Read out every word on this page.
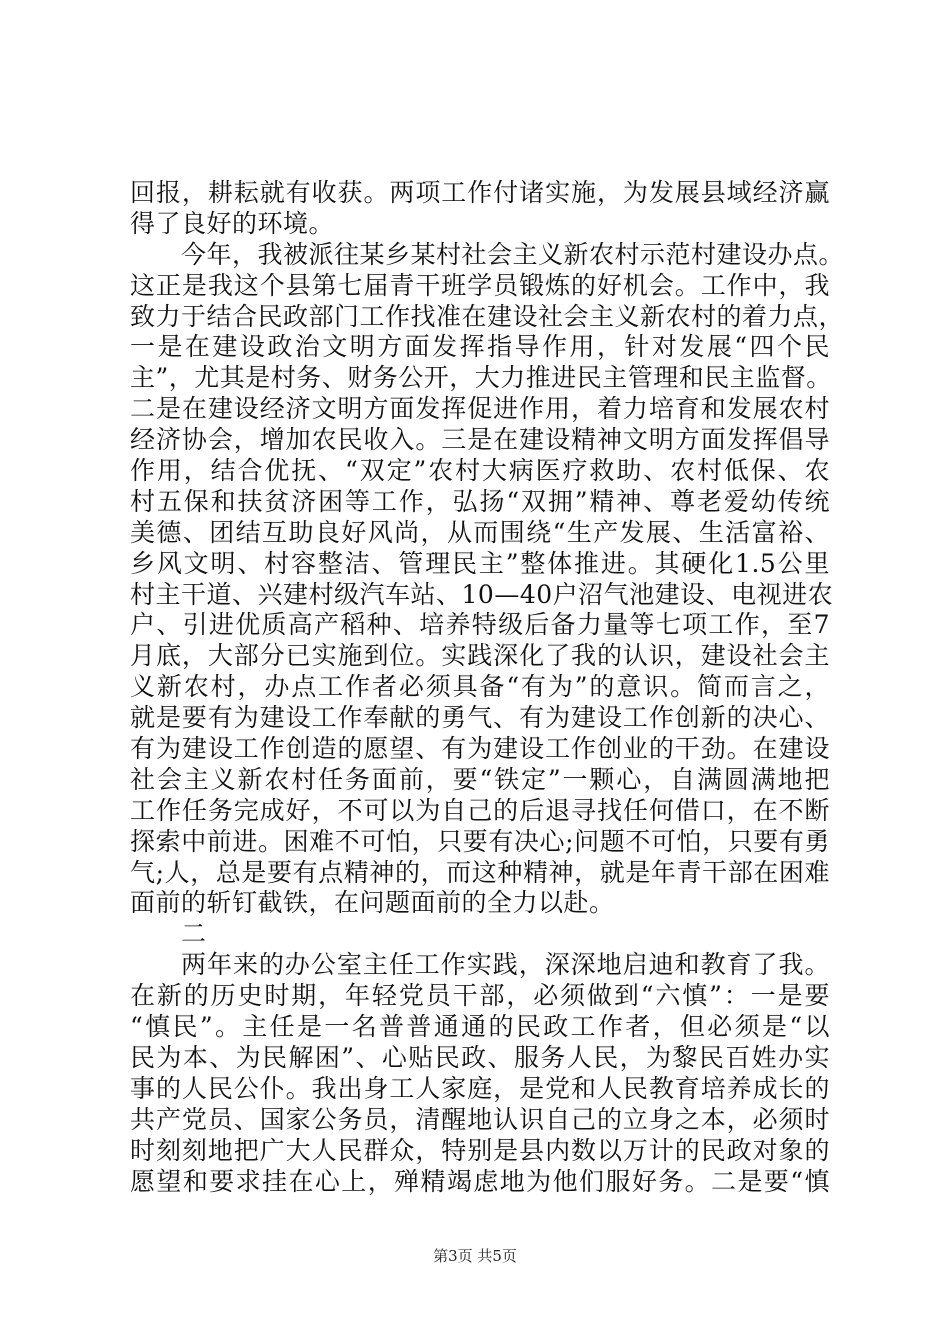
回报，耕耘就有收获。两项工作付诸实施，为发展县域经济赢
得了良好的环境。
今年，我被派往某乡某村社会主义新农村示范村建设办点。
这正是我这个县第七届青干班学员锻炼的好机会。工作中，我
致力于结合民政部门工作找准在建设社会主义新农村的着力点，
一是在建设政治文明方面发挥指导作用，针对发展“四个民
主”，尤其是村务、财务公开，大力推进民主管理和民主监督。
二是在建设经济文明方面发挥促进作用，着力培育和发展农村
经济协会，增加农民收入。三是在建设精神文明方面发挥倡导
作用，结合优抚、“双定”农村大病医疗救助、农村低保、农
村五保和扶贫济困等工作，弘扬“双拥”精神、尊老爱幼传统
美德、团结互助良好风尚，从而围绕“生产发展、生活富裕、
乡风文明、村容整洁、管理民主”整体推进。其硬化1.5公里
村主干道、兴建村级汽车站、10—40户沼气池建设、电视进农
户、引进优质高产稻种、培养特级后备力量等七项工作，至7
月底，大部分已实施到位。实践深化了我的认识，建设社会主
义新农村，办点工作者必须具备“有为”的意识。简而言之，
就是要有为建设工作奉献的勇气、有为建设工作创新的决心、
有为建设工作创造的愿望、有为建设工作创业的干劲。在建设
社会主义新农村任务面前，要“铁定”一颗心，自满圆满地把
工作任务完成好，不可以为自己的后退寻找任何借口，在不断
探索中前进。困难不可怕，只要有决心;问题不可怕，只要有勇
气;人，总是要有点精神的，而这种精神，就是年青干部在困难
面前的斩钉截铁，在问题面前的全力以赴。
二
两年来的办公室主任工作实践，深深地启迪和教育了我。
在新的历史时期，年轻党员干部，必须做到“六慎”：一是要
“慎民”。主任是一名普普通通的民政工作者，但必须是“以
民为本、为民解困”、心贴民政、服务人民，为黎民百姓办实
事的人民公仆。我出身工人家庭，是党和人民教育培养成长的
共产党员、国家公务员，清醒地认识自己的立身之本，必须时
时刻刻地把广大人民群众，特别是县内数以万计的民政对象的
愿望和要求挂在心上，殚精竭虑地为他们服好务。二是要“慎
第3页 共5页
